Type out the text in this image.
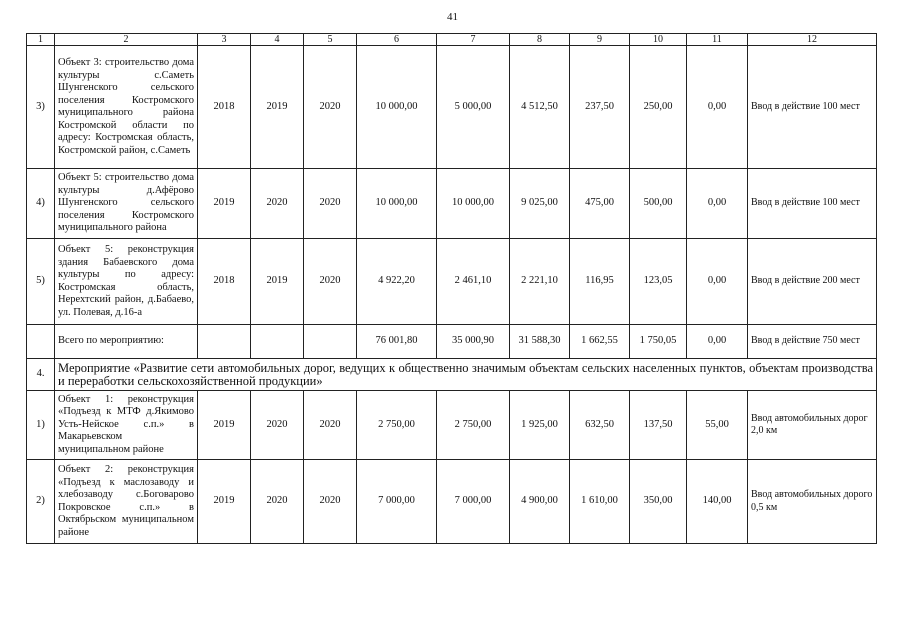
41
1	2	3	4	5	6	7	8	9	10	11	12
3)	Объект 3: строительство дома культуры с.Саметь Шунгенского сельского поселения Костромского муниципального района Костромской области по адресу: Костромская область, Костромской район, с.Саметь	2018	2019	2020	10 000,00	5 000,00	4 512,50	237,50	250,00	0,00	Ввод в действие 100 мест
4)	Объект 5: строительство дома культуры д.Афёрово Шунгенского сельского поселения Костромского муниципального района	2019	2020	2020	10 000,00	10 000,00	9 025,00	475,00	500,00	0,00	Ввод в действие 100 мест
5)	Объект 5: реконструкция здания Бабаевского дома культуры по адресу: Костромская область, Нерехтский район, д.Бабаево, ул. Полевая, д.16-а	2018	2019	2020	4 922,20	2 461,10	2 221,10	116,95	123,05	0,00	Ввод в действие 200 мест
	Всего по мероприятию:				76 001,80	35 000,90	31 588,30	1 662,55	1 750,05	0,00	Ввод в действие 750 мест
4.	Мероприятие «Развитие сети автомобильных дорог, ведущих к общественно значимым объектам сельских населенных пунктов, объектам производства и переработки сельскохозяйственной продукции»										
1)	Объект 1: реконструкция «Подъезд к МТФ д.Якимово Усть-Нейское с.п.» в Макарьевском муниципальном районе	2019	2020	2020	2 750,00	2 750,00	1 925,00	632,50	137,50	55,00	Ввод автомобильных дорог 2,0 км
2)	Объект 2: реконструкция «Подъезд к маслозаводу и хлебозаводу с.Боговарово Покровское с.п.» в Октябрьском муниципальном районе	2019	2020	2020	7 000,00	7 000,00	4 900,00	1 610,00	350,00	140,00	Ввод автомобильных дорого 0,5 км
